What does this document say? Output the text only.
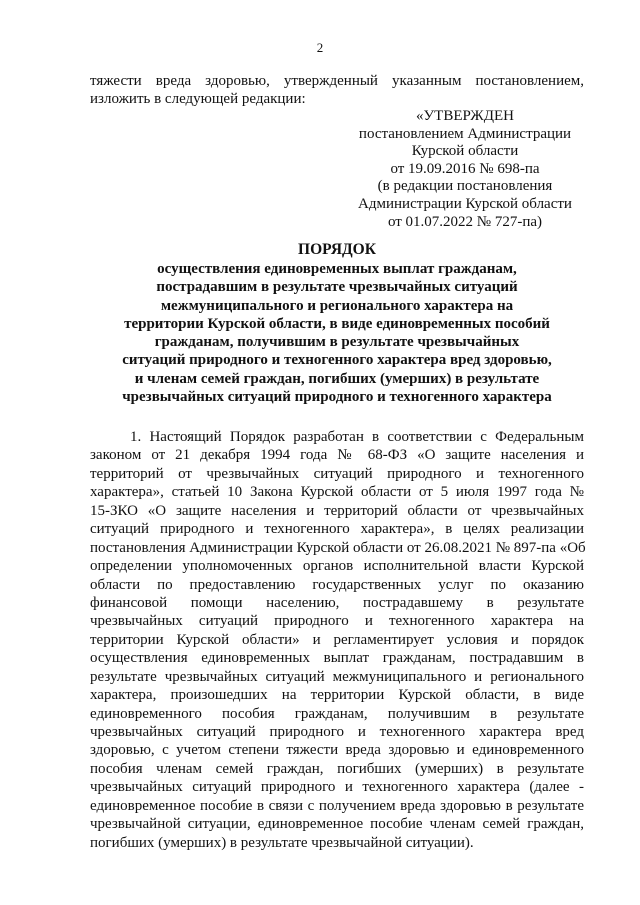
2

тяжести вреда здоровью, утвержденный указанным постановлением, изложить в следующей редакции:

«УТВЕРЖДЕН
постановлением Администрации
Курской области
от 19.09.2016 № 698-па
(в редакции постановления
Администрации Курской области
от 01.07.2022 № 727-па)
ПОРЯДОК
осуществления единовременных выплат гражданам,
пострадавшим в результате чрезвычайных ситуаций
межмуниципального и регионального характера на
территории Курской области, в виде единовременных пособий
гражданам, получившим в результате чрезвычайных
ситуаций природного и техногенного характера вред здоровью,
и членам семей граждан, погибших (умерших) в результате
чрезвычайных ситуаций природного и техногенного характера
1. Настоящий Порядок разработан в соответствии с Федеральным
законом от 21 декабря 1994 года № 68-ФЗ «О защите населения и
территорий от чрезвычайных ситуаций природного и техногенного
характера», статьей 10 Закона Курской области от 5 июля 1997 года №
15-ЗКО «О защите населения и территорий области от чрезвычайных
ситуаций природного и техногенного характера», в целях реализации
постановления Администрации Курской области от 26.08.2021 № 897-па «Об
определении уполномоченных органов исполнительной власти Курской
области по предоставлению государственных услуг по оказанию
финансовой помощи населению, пострадавшему в результате
чрезвычайных ситуаций природного и техногенного характера на
территории Курской области» и регламентирует условия и порядок
осуществления единовременных выплат гражданам, пострадавшим в
результате чрезвычайных ситуаций межмуниципального и регионального
характера, произошедших на территории Курской области, в виде
единовременного пособия гражданам, получившим в результате
чрезвычайных ситуаций природного и техногенного характера вред
здоровью, с учетом степени тяжести вреда здоровью и единовременного
пособия членам семей граждан, погибших (умерших) в результате
чрезвычайных ситуаций природного и техногенного характера (далее -
единовременное пособие в связи с получением вреда здоровью в результате
чрезвычайной ситуации, единовременное пособие членам семей граждан,
погибших (умерших) в результате чрезвычайной ситуации).
